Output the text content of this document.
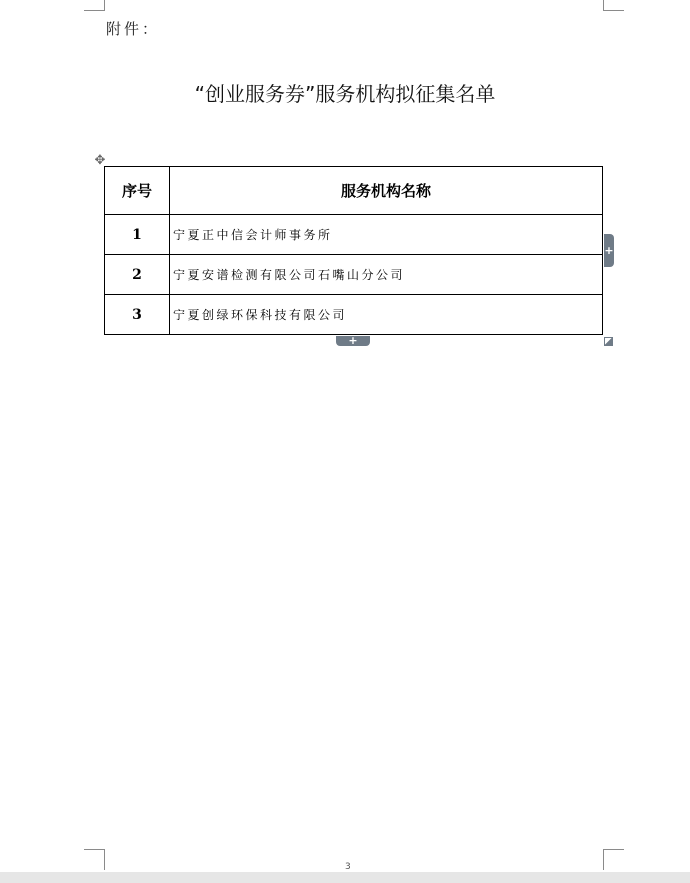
附件：
“创业服务券”服务机构拟征集名单
✥
序号	服务机构名称
1	宁夏正中信会计师事务所
2	宁夏安谱检测有限公司石嘴山分公司
3	宁夏创绿环保科技有限公司
+
+
3
